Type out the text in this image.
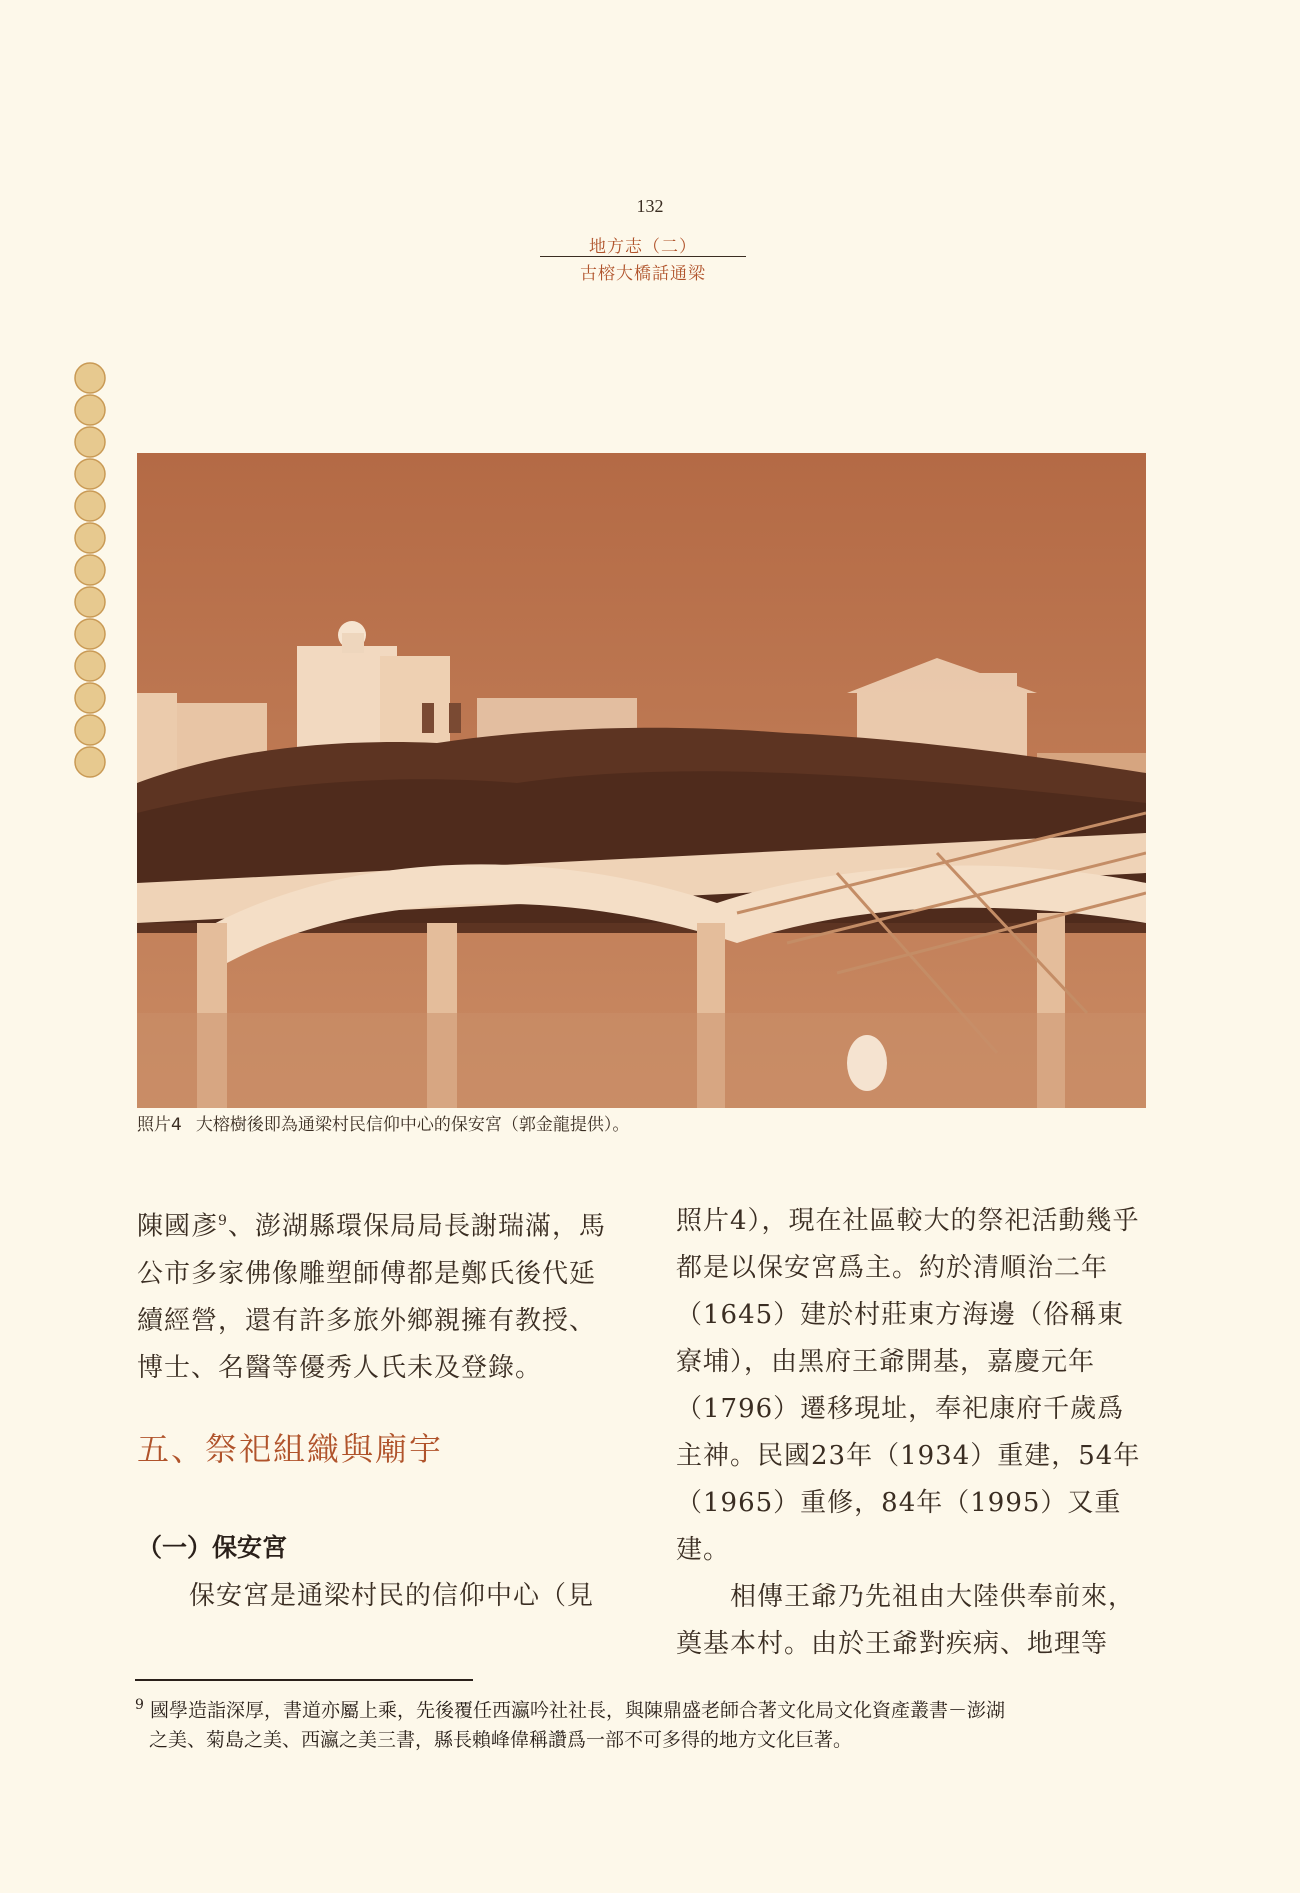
132
地方志（二）
古榕大橋話通梁
照片4 大榕樹後即為通梁村民信仰中心的保安宮（郭金龍提供）。

陳國彥$^9$、澎湖縣環保局局長謝瑞滿，馬公市多家佛像雕塑師傅都是鄭氏後代延續經營，還有許多旅外鄉親擁有教授、博士、名醫等優秀人氏未及登錄。

五、祭祀組織與廟宇
（一）保安宮
保安宮是通梁村民的信仰中心（見

照片4），現在社區較大的祭祀活動幾乎都是以保安宮爲主。約於清順治二年（1645）建於村莊東方海邊（俗稱東寮埔），由黑府王爺開基，嘉慶元年（1796）遷移現址，奉祀康府千歲爲主神。民國23年（1934）重建，54年（1965）重修，84年（1995）又重建。

　　相傳王爺乃先祖由大陸供奉前來，奠基本村。由於王爺對疾病、地理等

$^9$ 國學造詣深厚，書道亦屬上乘，先後覆任西瀛吟社社長，與陳鼎盛老師合著文化局文化資產叢書－澎湖
之美、菊島之美、西瀛之美三書，縣長賴峰偉稱讚爲一部不可多得的地方文化巨著。
